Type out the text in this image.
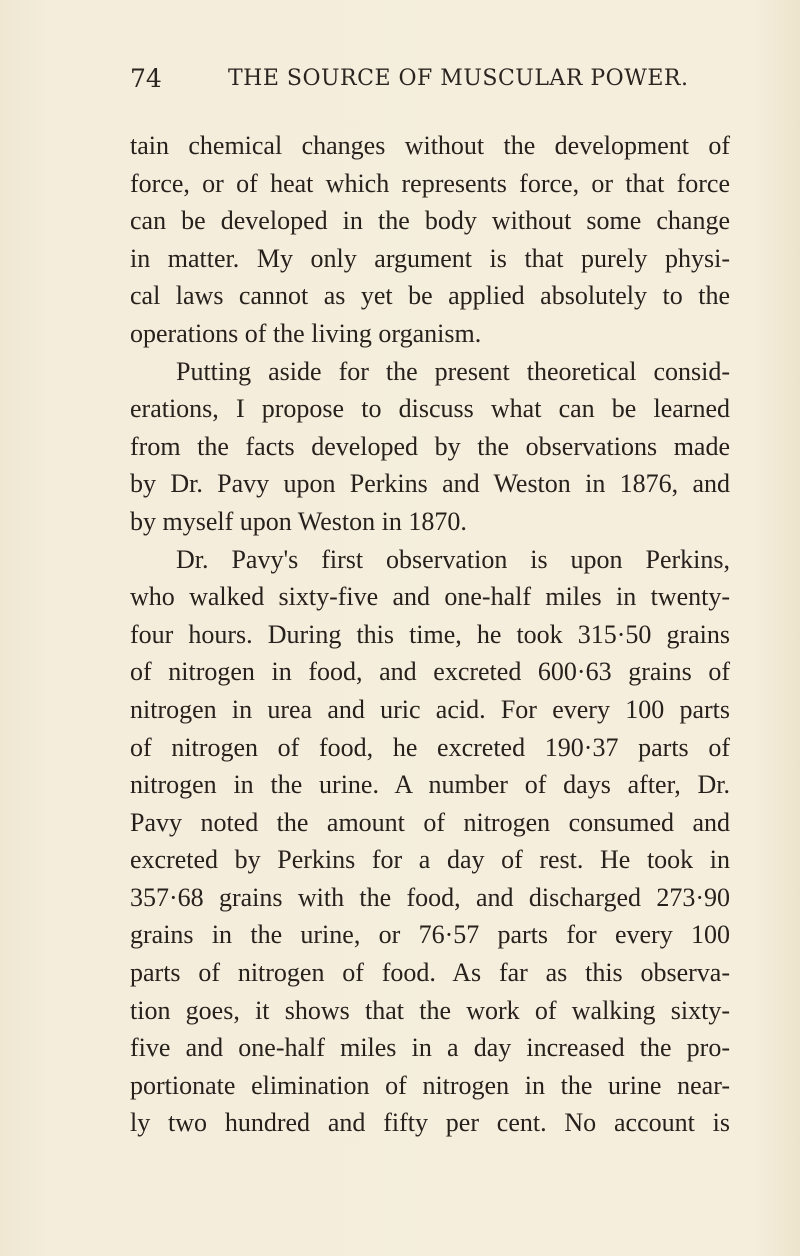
74	THE SOURCE OF MUSCULAR POWER.
tain chemical changes without the development of
force, or of heat which represents force, or that force
can be developed in the body without some change
in matter. My only argument is that purely physi-
cal laws cannot as yet be applied absolutely to the
operations of the living organism.
Putting aside for the present theoretical consid-
erations, I propose to discuss what can be learned
from the facts developed by the observations made
by Dr. Pavy upon Perkins and Weston in 1876, and
by myself upon Weston in 1870.
Dr. Pavy's first observation is upon Perkins,
who walked sixty-five and one-half miles in twenty-
four hours. During this time, he took 315·50 grains
of nitrogen in food, and excreted 600·63 grains of
nitrogen in urea and uric acid. For every 100 parts
of nitrogen of food, he excreted 190·37 parts of
nitrogen in the urine. A number of days after, Dr.
Pavy noted the amount of nitrogen consumed and
excreted by Perkins for a day of rest. He took in
357·68 grains with the food, and discharged 273·90
grains in the urine, or 76·57 parts for every 100
parts of nitrogen of food. As far as this observa-
tion goes, it shows that the work of walking sixty-
five and one-half miles in a day increased the pro-
portionate elimination of nitrogen in the urine near-
ly two hundred and fifty per cent. No account is
